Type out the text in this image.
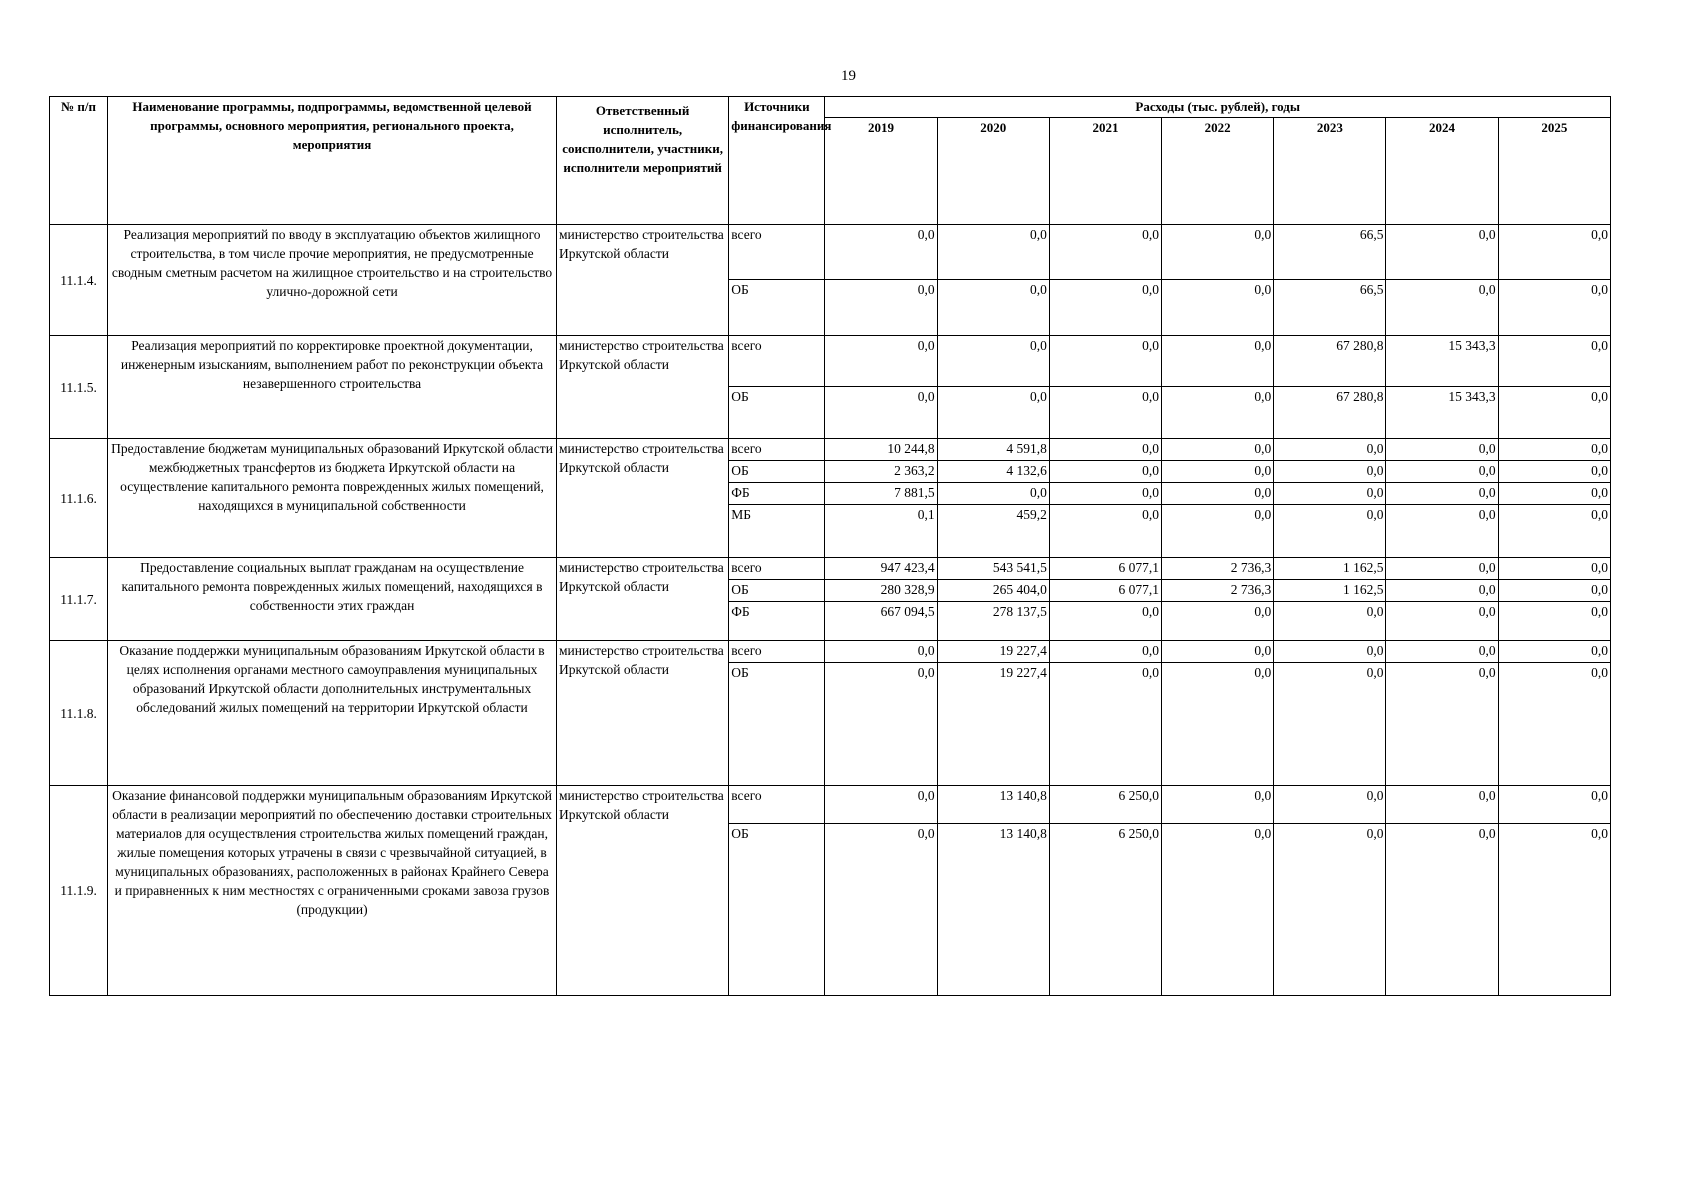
19
№ п/п	Наименование программы, подпрограммы, ведомственной целевой программы, основного мероприятия, регионального проекта, мероприятия	Ответственный исполнитель, соисполнители, участники, исполнители мероприятий	Источники финансирования	Расходы (тыс. рублей), годы						
				2019	2020	2021	2022	2023	2024	2025
11.1.4.	Реализация мероприятий по вводу в эксплуатацию объектов жилищного строительства, в том числе прочие мероприятия, не предусмотренные сводным сметным расчетом на жилищное строительство и на строительство улично-дорожной сети	министерство строительства Иркутской области	всего	0,0	0,0	0,0	0,0	66,5	0,0	0,0
			ОБ	0,0	0,0	0,0	0,0	66,5	0,0	0,0
11.1.5.	Реализация мероприятий по корректировке проектной документации, инженерным изысканиям, выполнением работ по реконструкции объекта незавершенного строительства	министерство строительства Иркутской области	всего	0,0	0,0	0,0	0,0	67 280,8	15 343,3	0,0
			ОБ	0,0	0,0	0,0	0,0	67 280,8	15 343,3	0,0
11.1.6.	Предоставление бюджетам муниципальных образований Иркутской области межбюджетных трансфертов из бюджета Иркутской области на осуществление капитального ремонта поврежденных жилых помещений, находящихся в муниципальной собственности	министерство строительства Иркутской области	всего	10 244,8	4 591,8	0,0	0,0	0,0	0,0	0,0
			ОБ	2 363,2	4 132,6	0,0	0,0	0,0	0,0	0,0
			ФБ	7 881,5	0,0	0,0	0,0	0,0	0,0	0,0
			МБ	0,1	459,2	0,0	0,0	0,0	0,0	0,0
11.1.7.	Предоставление социальных выплат гражданам на осуществление капитального ремонта поврежденных жилых помещений, находящихся в собственности этих граждан	министерство строительства Иркутской области	всего	947 423,4	543 541,5	6 077,1	2 736,3	1 162,5	0,0	0,0
			ОБ	280 328,9	265 404,0	6 077,1	2 736,3	1 162,5	0,0	0,0
			ФБ	667 094,5	278 137,5	0,0	0,0	0,0	0,0	0,0
11.1.8.	Оказание поддержки муниципальным образованиям Иркутской области в целях исполнения органами местного самоуправления муниципальных образований Иркутской области дополнительных инструментальных обследований жилых помещений на территории Иркутской области	министерство строительства Иркутской области	всего	0,0	19 227,4	0,0	0,0	0,0	0,0	0,0
			ОБ	0,0	19 227,4	0,0	0,0	0,0	0,0	0,0
11.1.9.	Оказание финансовой поддержки муниципальным образованиям Иркутской области в реализации мероприятий по обеспечению доставки строительных материалов для осуществления строительства жилых помещений граждан, жилые помещения которых утрачены в связи с чрезвычайной ситуацией, в муниципальных образованиях, расположенных в районах Крайнего Севера и приравненных к ним местностях с ограниченными сроками завоза грузов (продукции)	министерство строительства Иркутской области	всего	0,0	13 140,8	6 250,0	0,0	0,0	0,0	0,0
			ОБ	0,0	13 140,8	6 250,0	0,0	0,0	0,0	0,0
